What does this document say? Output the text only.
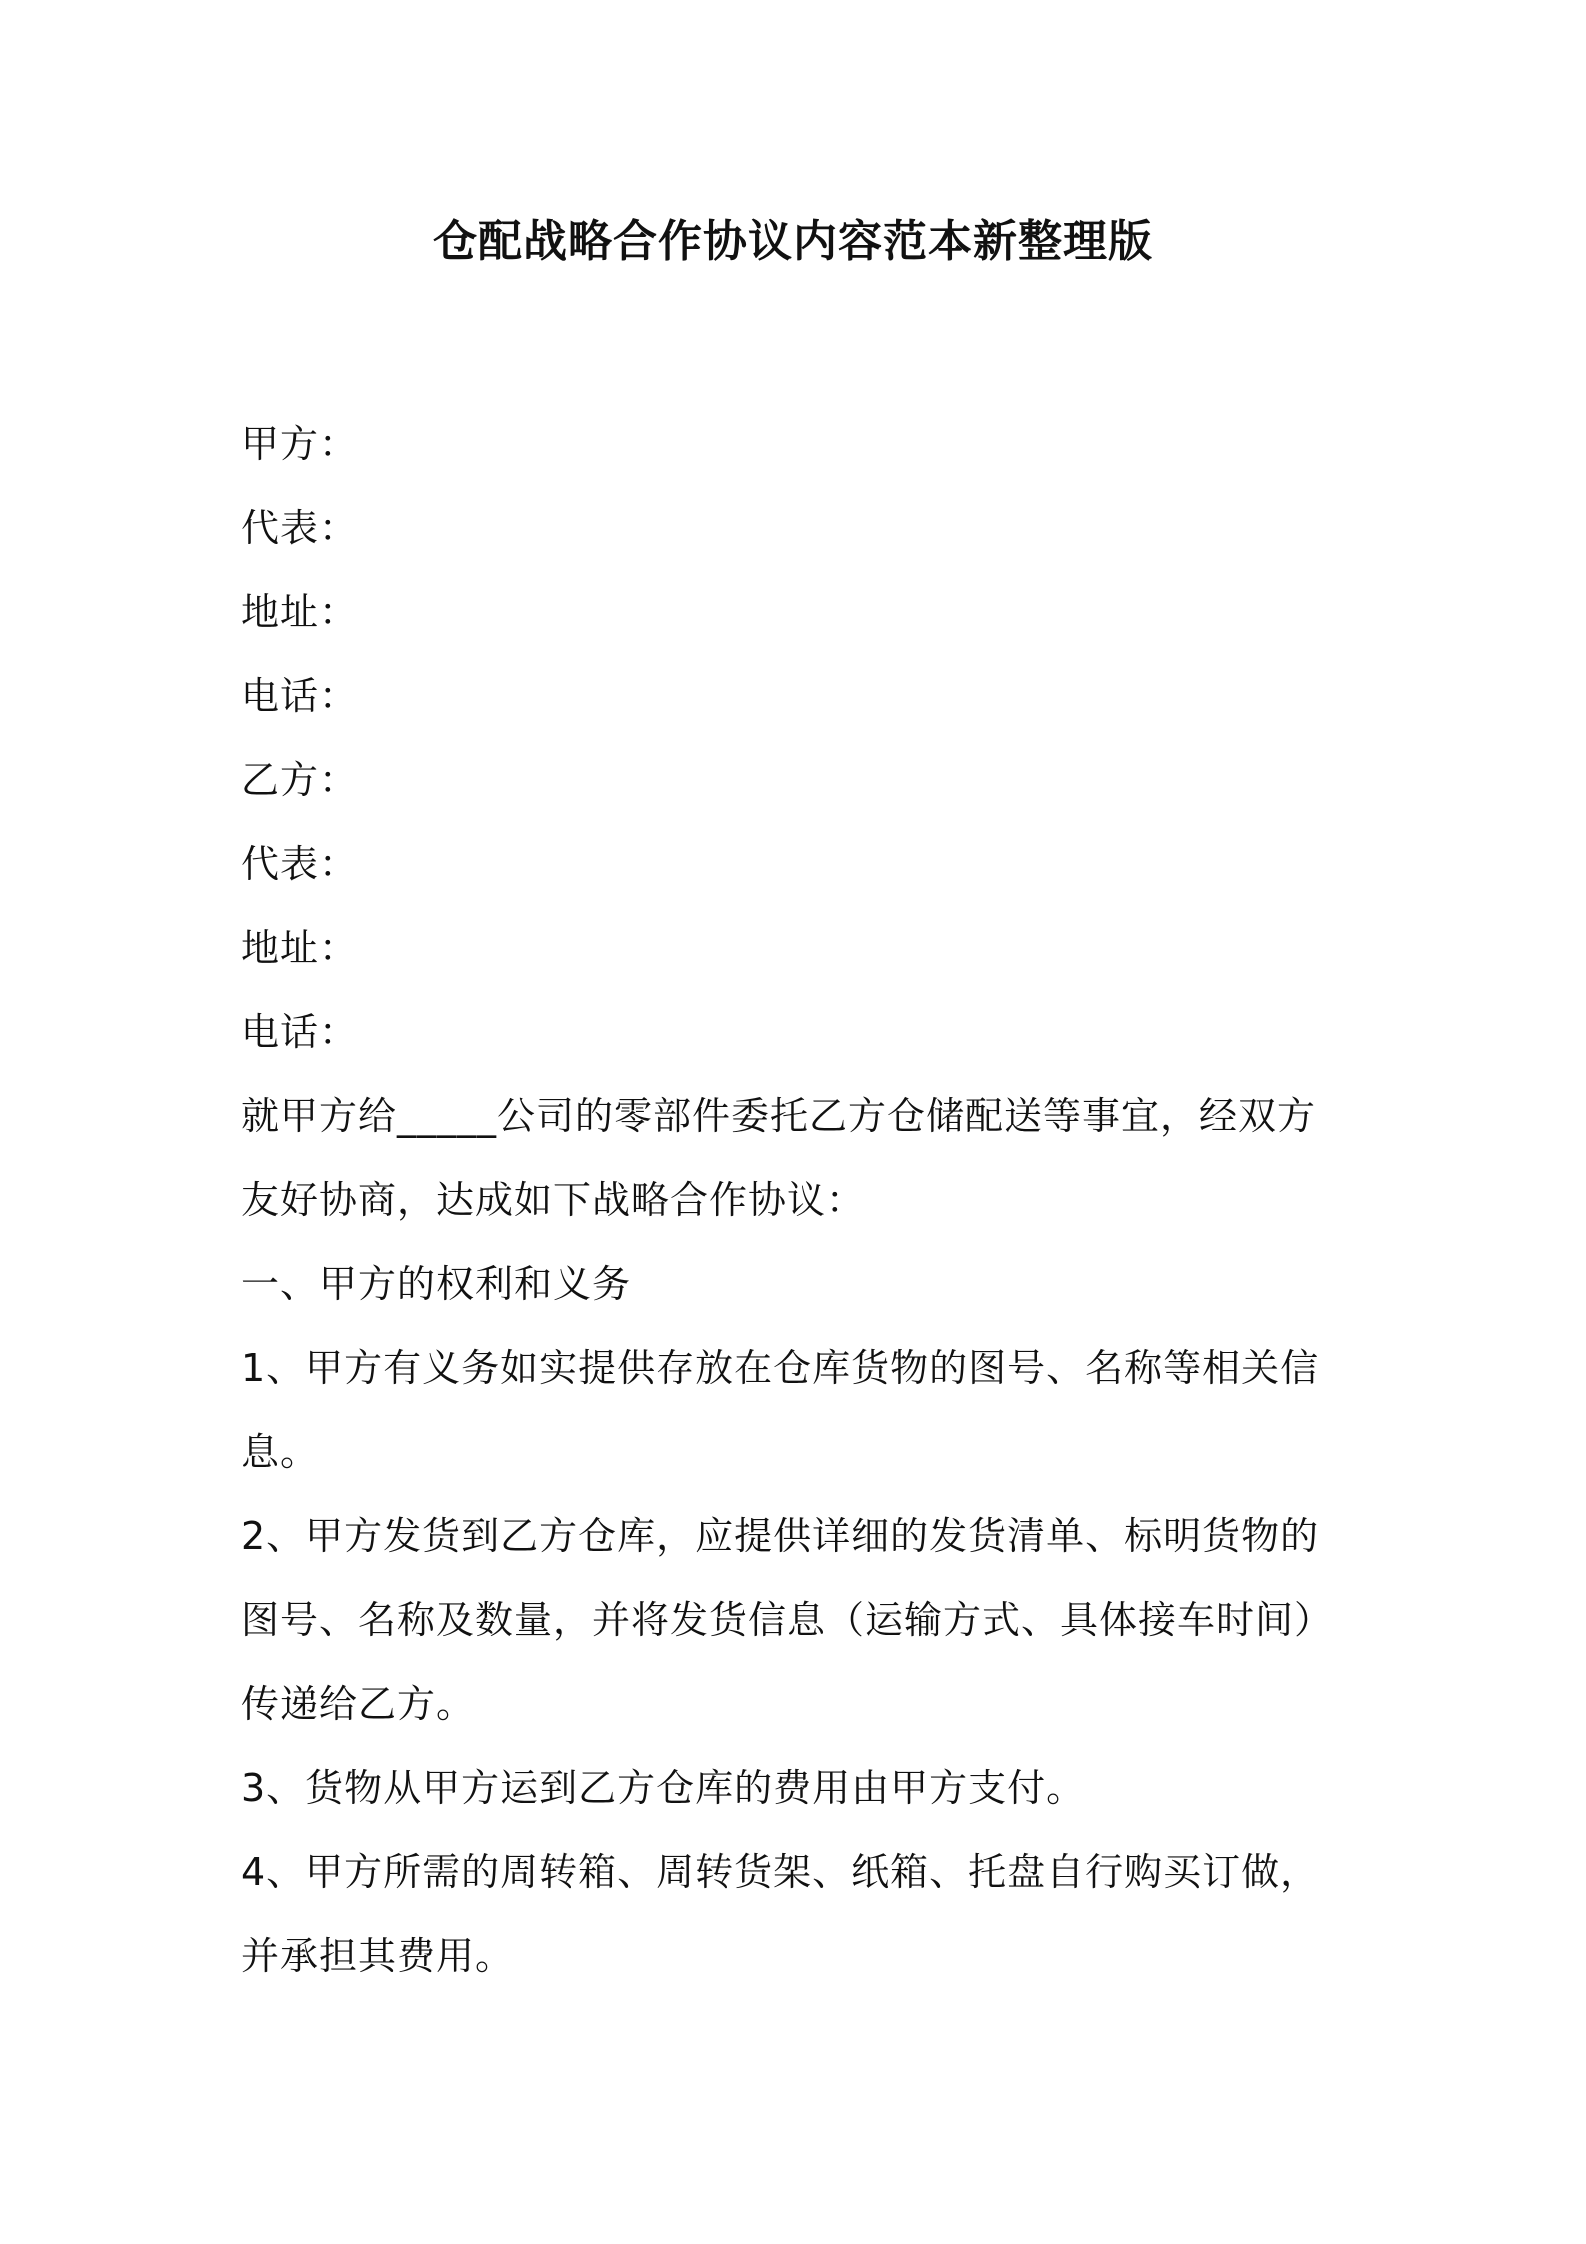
仓配战略合作协议内容范本新整理版

甲方：

代表：

地址：

电话：

乙方：

代表：

地址：

电话：

就甲方给_____公司的零部件委托乙方仓储配送等事宜，经双方友好协商，达成如下战略合作协议：

一、甲方的权利和义务

1、甲方有义务如实提供存放在仓库货物的图号、名称等相关信息。

2、甲方发货到乙方仓库，应提供详细的发货清单、标明货物的图号、名称及数量，并将发货信息（运输方式、具体接车时间）传递给乙方。

3、货物从甲方运到乙方仓库的费用由甲方支付。

4、甲方所需的周转箱、周转货架、纸箱、托盘自行购买订做，并承担其费用。
